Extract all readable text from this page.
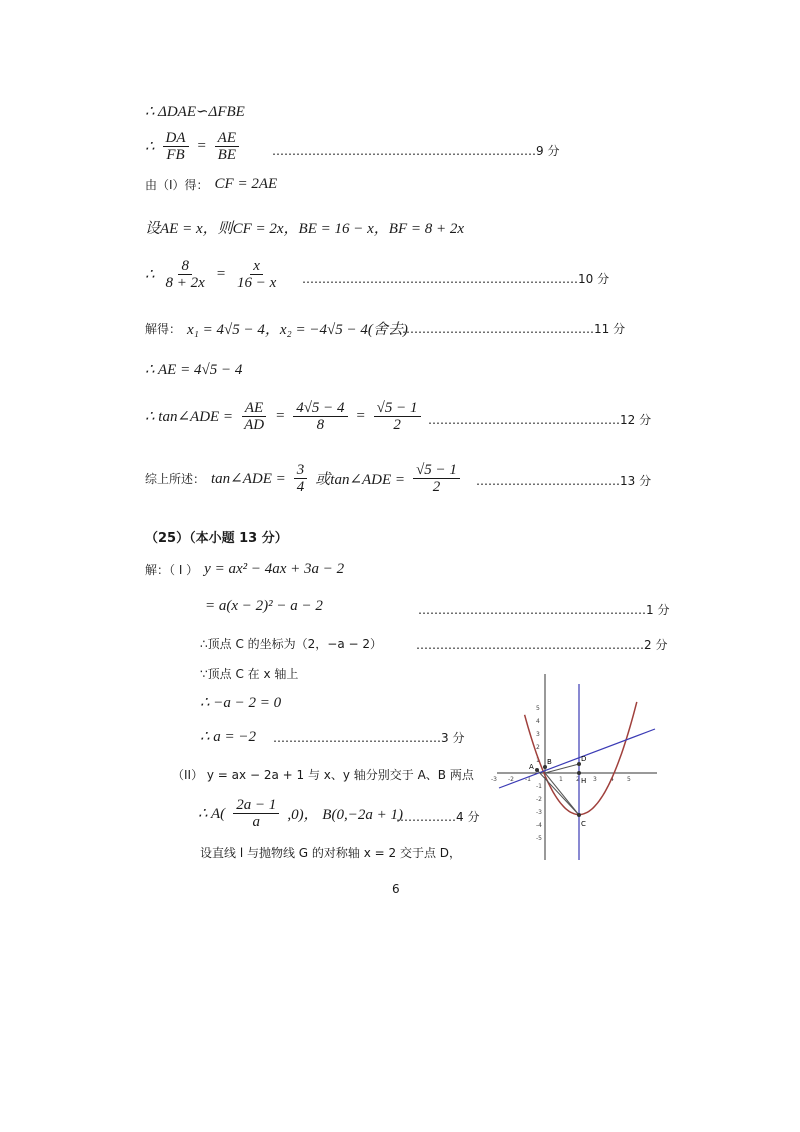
∴ ΔDAE∽ΔFBE
∴ $\frac{DA}{FB} = \frac{AE}{BE}$	…………………………………………………………9 分
由（I）得： CF = 2AE
设AE = x，则CF = 2x，BE = 16 − x，BF = 8 + 2x
∴ $\frac{8}{8 + 2x} = \frac{x}{16 - x}$ ……………………………………………………………10 分
解得： x₁ = 4√5 − 4，x₂ = −4√5 − 4(舍去)
…………………………………………11 分
∴ AE = 4√5 − 4
∴ tan∠ADE = $\frac{AE}{AD} = \frac{4√5 - 4}{8} = \frac{√5 - 1}{2}$ …………………………………………12 分
综上所述： tan∠ADE = $\frac{3}{4}$ 或tan∠ADE = $\frac{√5 - 1}{2}$ ………………………………13 分
（25）（本小题 13 分）
解：（ I ） y = ax² − 4ax + 3a − 2
= a(x − 2)² − a − 2	…………………………………………………1 分
∴顶点 C 的坐标为（2，−a − 2）	…………………………………………………2 分
∵顶点 C 在 x 轴上
∴ −a − 2 = 0
∴ a = −2 ……………………………………3 分
（II） y = ax − 2a + 1 与 x、y 轴分别交于 A、B 两点
∴ $A( \frac{2a - 1}{a} ,0)$， B(0,−2a + 1)
……………4 分
设直线 l 与抛物线 G 的对称轴 x = 2 交于点 D，
-3 -2 -1	1 2 3 4 5
5
4
3
2
1
-1
-2
-3
-4
-5
A
B
C
D
H
6
